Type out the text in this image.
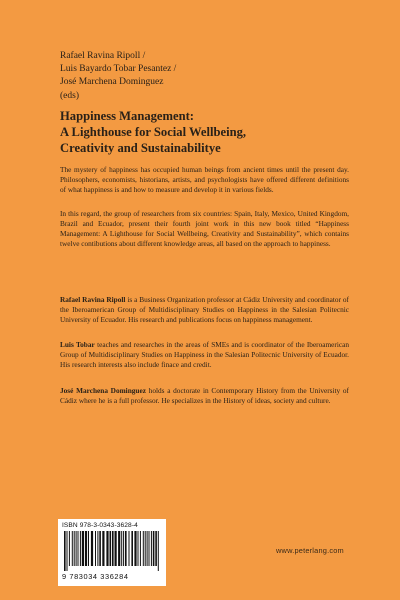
Rafael Ravina Ripoll /
Luis Bayardo Tobar Pesantez /
José Marchena Dominguez
(eds)
Happiness Management:
A Lighthouse for Social Wellbeing,
Creativity and Sustainabilitye

The mystery of happiness has occupied human beings from ancient times until the present day. Philosophers, economists, historians, artists, and psychologists have offered different definitions of what happiness is and how to measure and develop it in various fields.

In this regard, the group of researchers from six countries: Spain, Italy, Mexico, United Kingdom, Brazil and Ecuador, present their fourth joint work in this new book titled “Happiness Management: A Lighthouse for Social Wellbeing, Creativity and Sustainability”, which contains twelve contibutions about different knowledge areas, all based on the approach to happiness.

Rafael Ravina Ripoll is a Business Organization professor at Cádiz University and coordinator of the Iberoamerican Group of Multidisciplinary Studies on Happiness in the Salesian Politecnic University of Ecuador. His research and publications focus on happiness management.

Luis Tobar teaches and researches in the areas of SMEs and is coordinator of the Iberoamerican Group of Multidisciplinary Studies on Happiness in the Salesian Politecnic University of Ecuador. His research interests also include finace and credit.

José Marchena Dominguez holds a doctorate in Contemporary History from the University of Cádiz where he is a full professor. He specializes in the History of ideas, society and culture.

ISBN 978-3-0343-3628-4
9 783034 336284
www.peterlang.com
